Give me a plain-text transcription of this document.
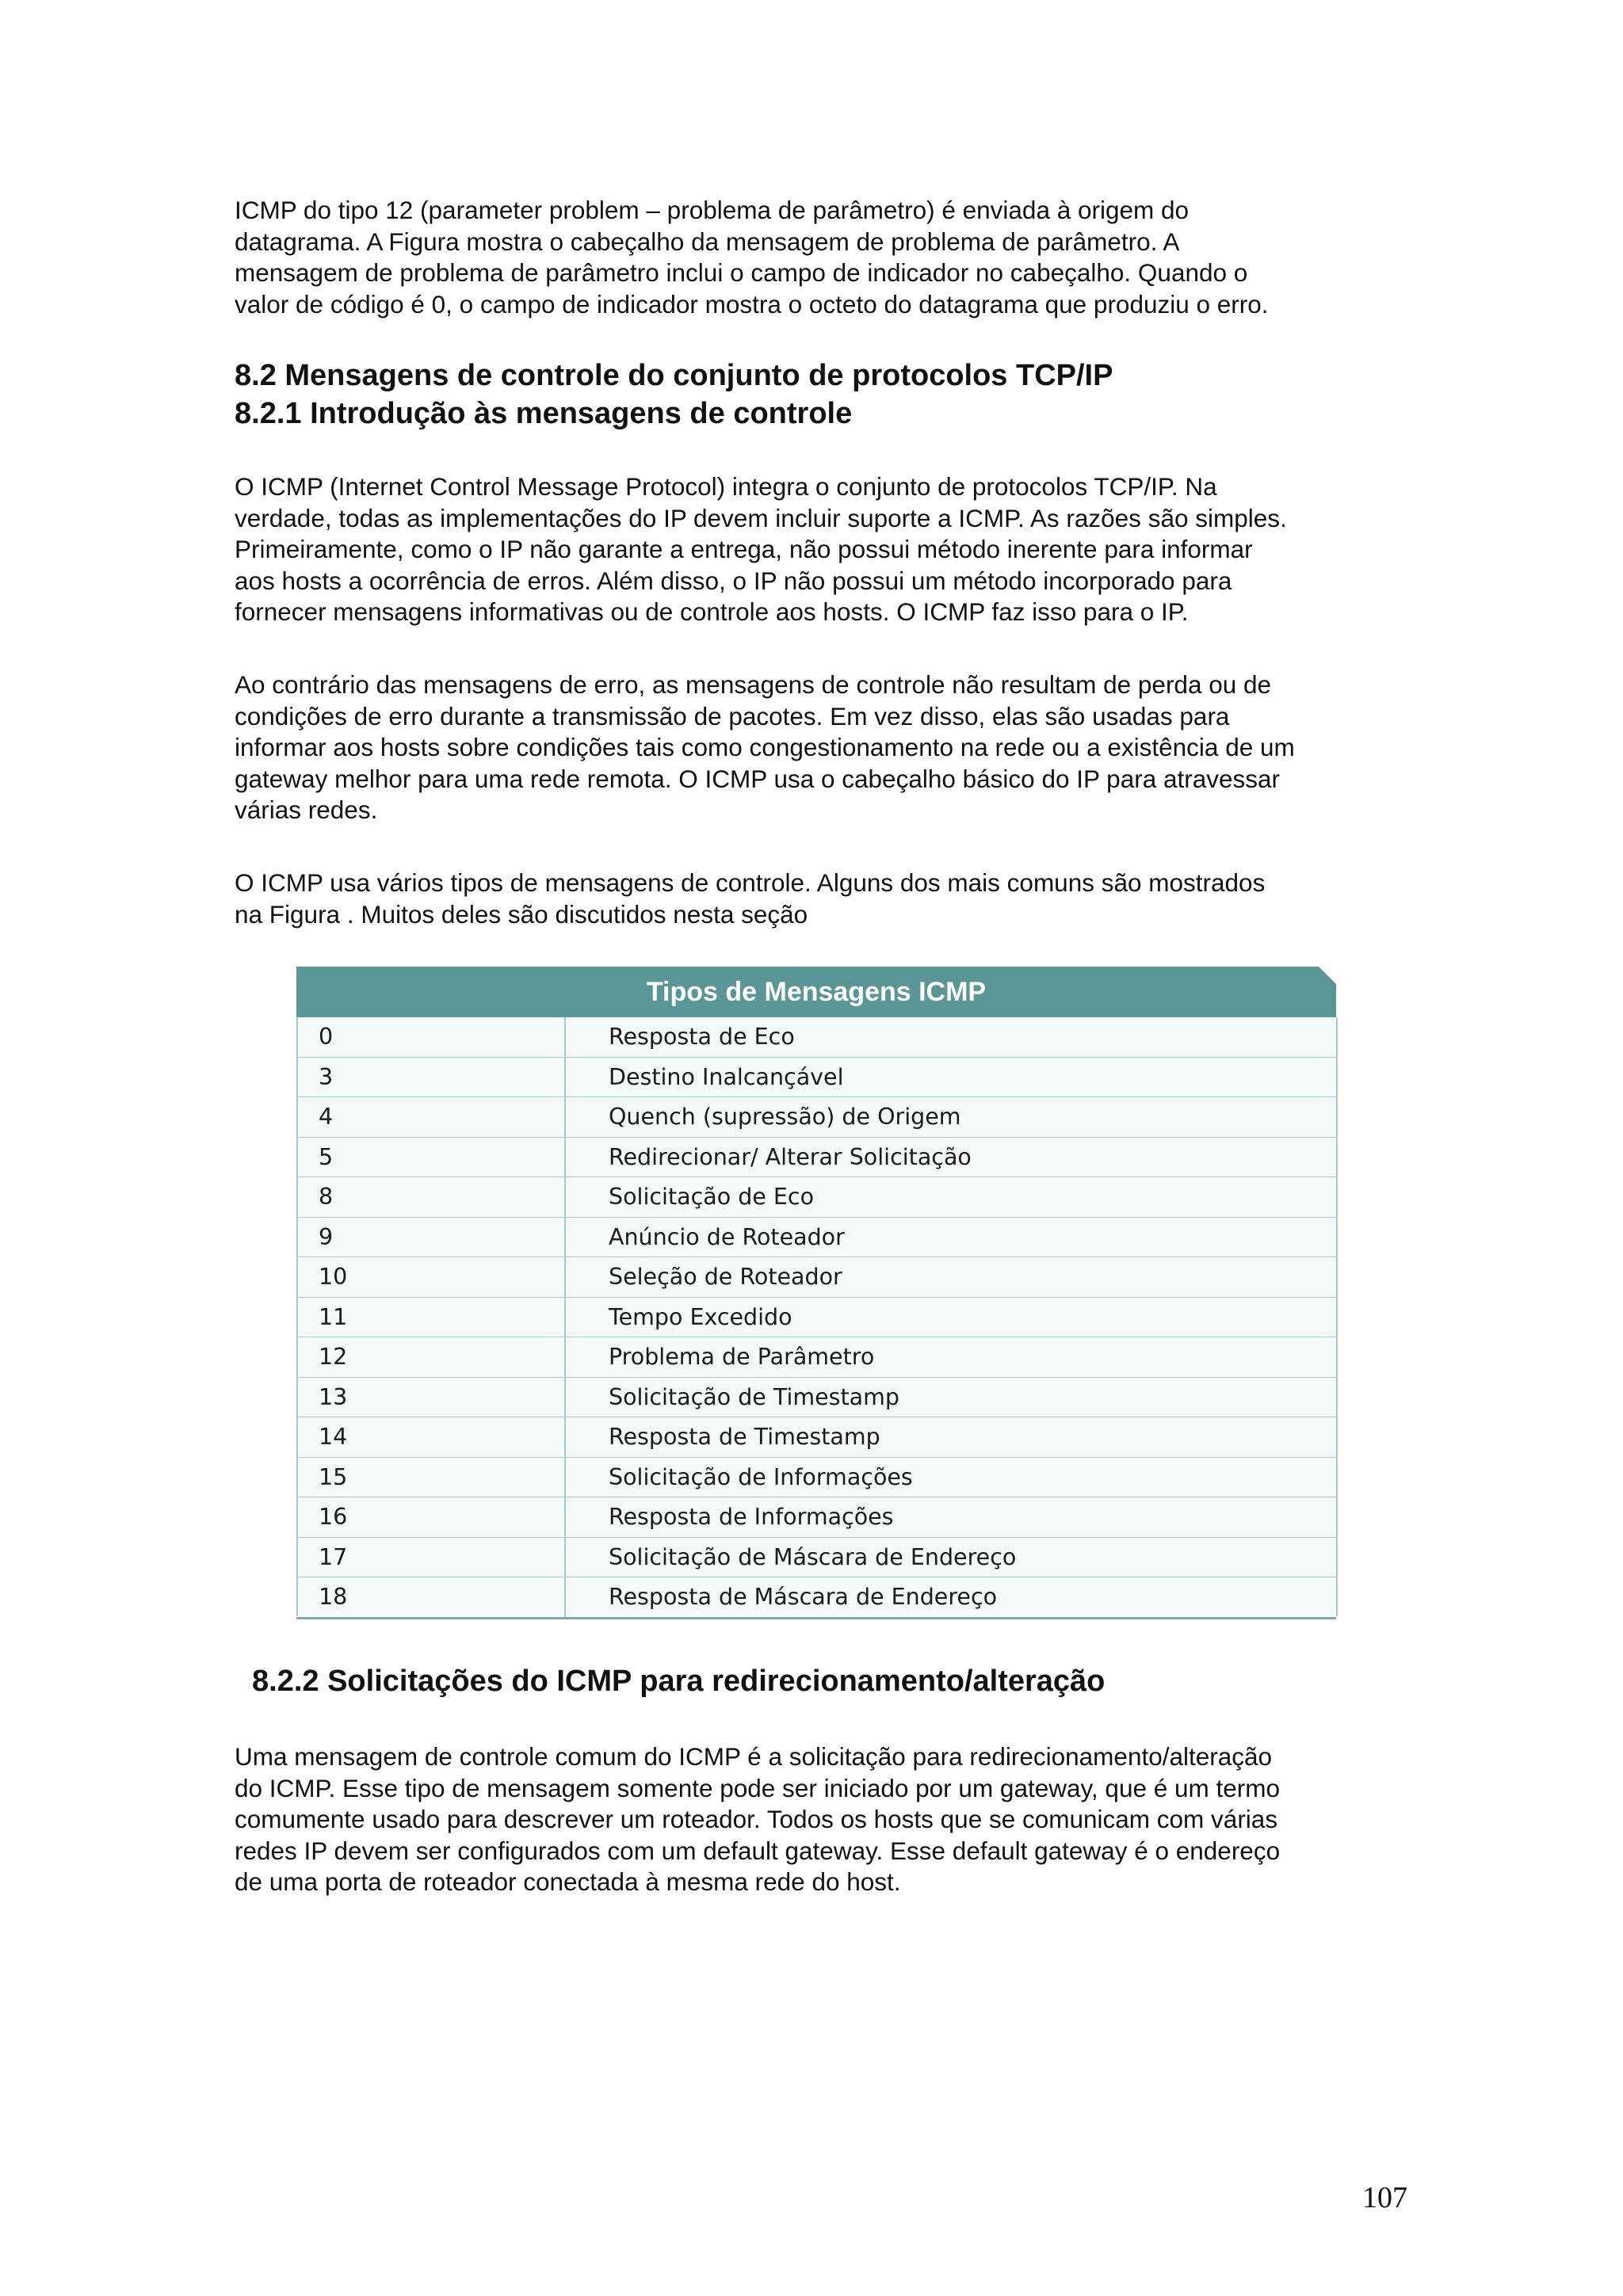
ICMP do tipo 12 (parameter problem – problema de parâmetro) é enviada à origem do
datagrama. A Figura mostra o cabeçalho da mensagem de problema de parâmetro. A
mensagem de problema de parâmetro inclui o campo de indicador no cabeçalho. Quando o
valor de código é 0, o campo de indicador mostra o octeto do datagrama que produziu o erro.

8.2 Mensagens de controle do conjunto de protocolos TCP/IP
8.2.1 Introdução às mensagens de controle

O ICMP (Internet Control Message Protocol) integra o conjunto de protocolos TCP/IP. Na
verdade, todas as implementações do IP devem incluir suporte a ICMP. As razões são simples.
Primeiramente, como o IP não garante a entrega, não possui método inerente para informar
aos hosts a ocorrência de erros. Além disso, o IP não possui um método incorporado para
fornecer mensagens informativas ou de controle aos hosts. O ICMP faz isso para o IP.

Ao contrário das mensagens de erro, as mensagens de controle não resultam de perda ou de
condições de erro durante a transmissão de pacotes. Em vez disso, elas são usadas para
informar aos hosts sobre condições tais como congestionamento na rede ou a existência de um
gateway melhor para uma rede remota. O ICMP usa o cabeçalho básico do IP para atravessar
várias redes.

O ICMP usa vários tipos de mensagens de controle. Alguns dos mais comuns são mostrados
na Figura . Muitos deles são discutidos nesta seção

8.2.2 Solicitações do ICMP para redirecionamento/alteração

Uma mensagem de controle comum do ICMP é a solicitação para redirecionamento/alteração
do ICMP. Esse tipo de mensagem somente pode ser iniciado por um gateway, que é um termo
comumente usado para descrever um roteador. Todos os hosts que se comunicam com várias
redes IP devem ser configurados com um default gateway. Esse default gateway é o endereço
de uma porta de roteador conectada à mesma rede do host.

Tipos de Mensagens ICMP
0	Resposta de Eco
3	Destino Inalcançável
4	Quench (supressão) de Origem
5	Redirecionar/ Alterar Solicitação
8	Solicitação de Eco
9	Anúncio de Roteador
10	Seleção de Roteador
11	Tempo Excedido
12	Problema de Parâmetro
13	Solicitação de Timestamp
14	Resposta de Timestamp
15	Solicitação de Informações
16	Resposta de Informações
17	Solicitação de Máscara de Endereço
18	Resposta de Máscara de Endereço
107
